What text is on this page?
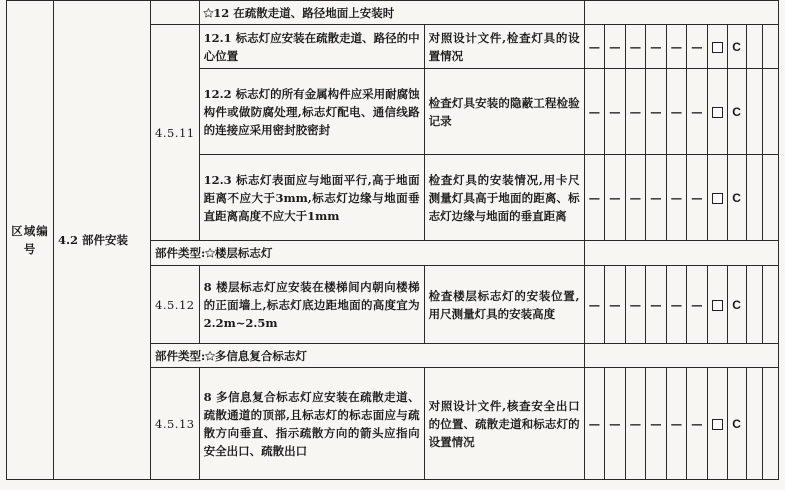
区域编号	4.2 部件安装		✩12 在疏散走道、路径地面上安装时											
		4.5.11	12.1 标志灯应安装在疏散走道、路径的中心位置	对照设计文件,检查灯具的设置情况	—	—	—	—	—	—		C		
			12.2 标志灯的所有金属构件应采用耐腐蚀构件或做防腐处理,标志灯配电、通信线路的连接应采用密封胶密封	检查灯具安装的隐蔽工程检验记录	—	—	—	—	—	—		C		
			12.3 标志灯表面应与地面平行,高于地面距离不应大于3mm,标志灯边缘与地面垂直距离高度不应大于1mm	检查灯具的安装情况,用卡尺测量灯具高于地面的距离、标志灯边缘与地面的垂直距离	—	—	—	—	—	—		C		
		部件类型:✩楼层标志灯												
		4.5.12	8 楼层标志灯应安装在楼梯间内朝向楼梯的正面墙上,标志灯底边距地面的高度宜为2.2m~2.5m	检查楼层标志灯的安装位置,用尺测量灯具的安装高度	—	—	—	—	—	—		C		
		部件类型:✩多信息复合标志灯												
		4.5.13	8 多信息复合标志灯应安装在疏散走道、疏散通道的顶部,且标志灯的标志面应与疏散方向垂直、指示疏散方向的箭头应指向安全出口、疏散出口	对照设计文件,核查安全出口的位置、疏散走道和标志灯的设置情况	—	—	—	—	—	—		C		
